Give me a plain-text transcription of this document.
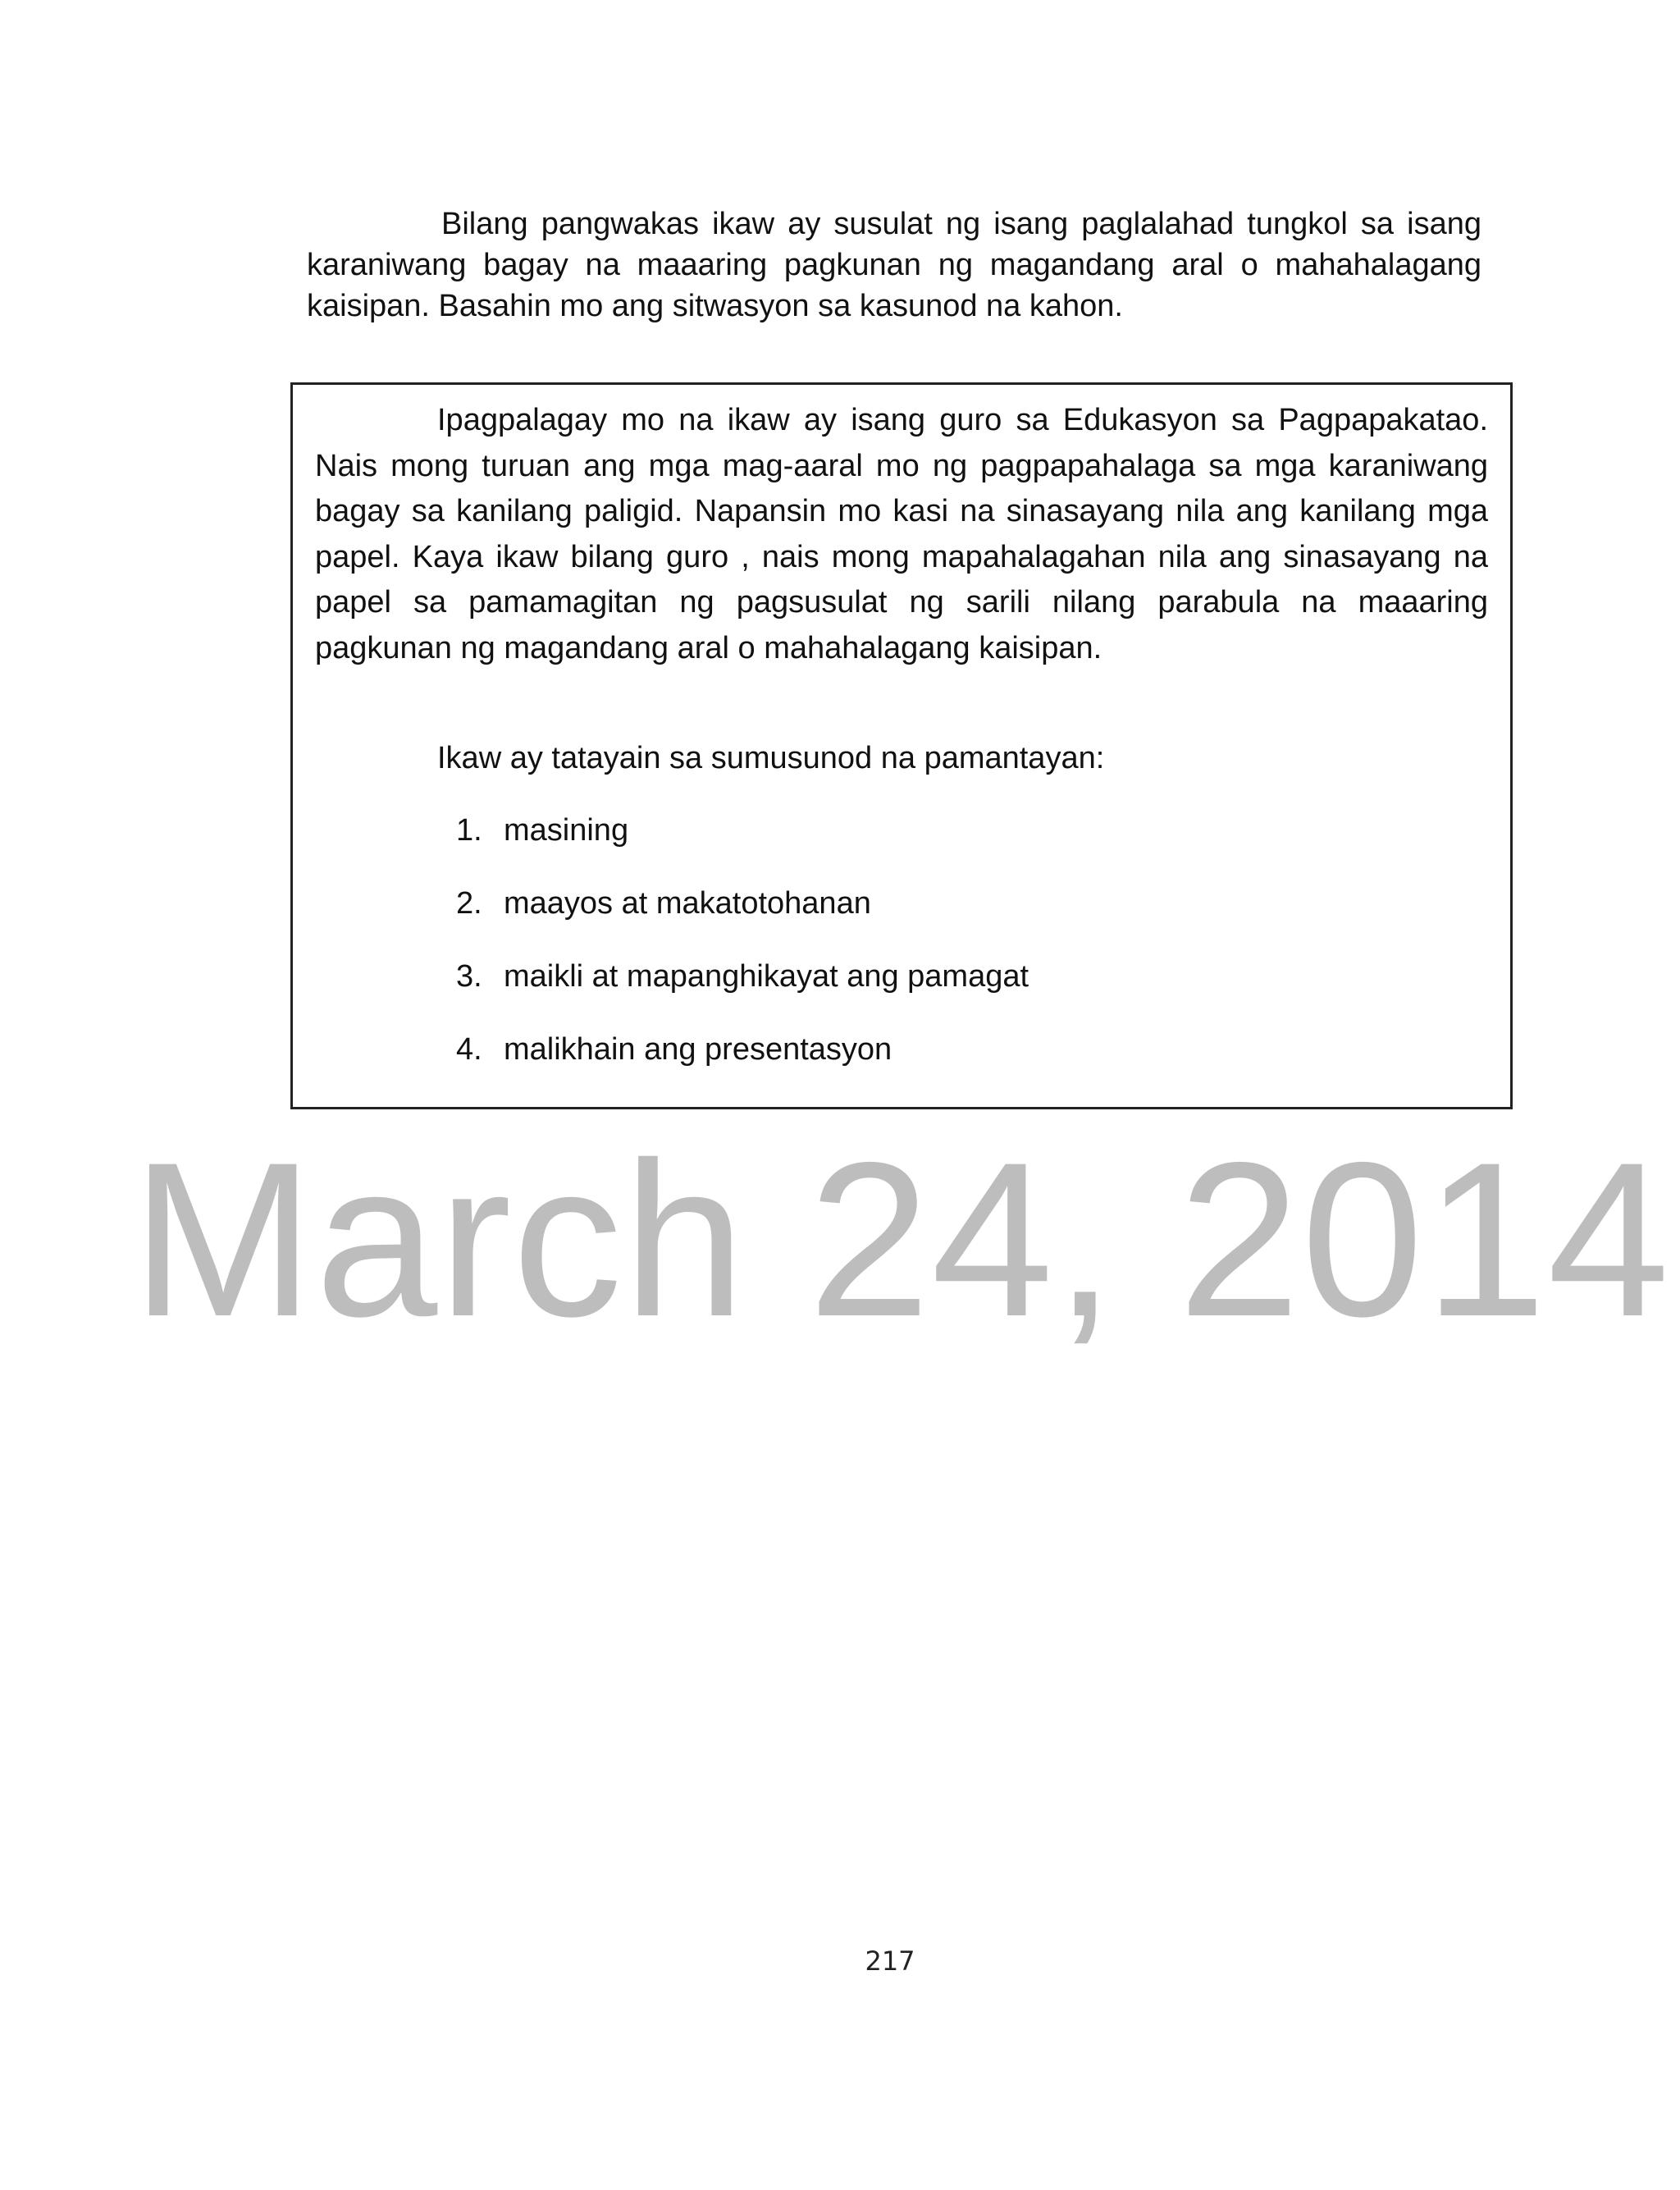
Bilang pangwakas ikaw ay susulat ng isang paglalahad tungkol sa isang karaniwang bagay na maaaring pagkunan ng magandang aral o mahahalagang kaisipan. Basahin mo ang sitwasyon sa kasunod na kahon.

Ipagpalagay mo na ikaw ay isang guro sa Edukasyon sa Pagpapakatao. Nais mong turuan ang mga mag-aaral mo ng pagpapahalaga sa mga karaniwang bagay sa kanilang paligid. Napansin mo kasi na sinasayang nila ang kanilang mga papel. Kaya ikaw bilang guro , nais mong mapahalagahan nila ang sinasayang na papel sa pamamagitan ng pagsusulat ng sarili nilang parabula na maaaring pagkunan ng magandang aral o mahahalagang kaisipan.

Ikaw ay tatayain sa sumusunod na pamantayan:

1. masining
2. maayos at makatotohanan
3. maikli at mapanghikayat ang pamagat
4. malikhain ang presentasyon
March 24, 2014
217
